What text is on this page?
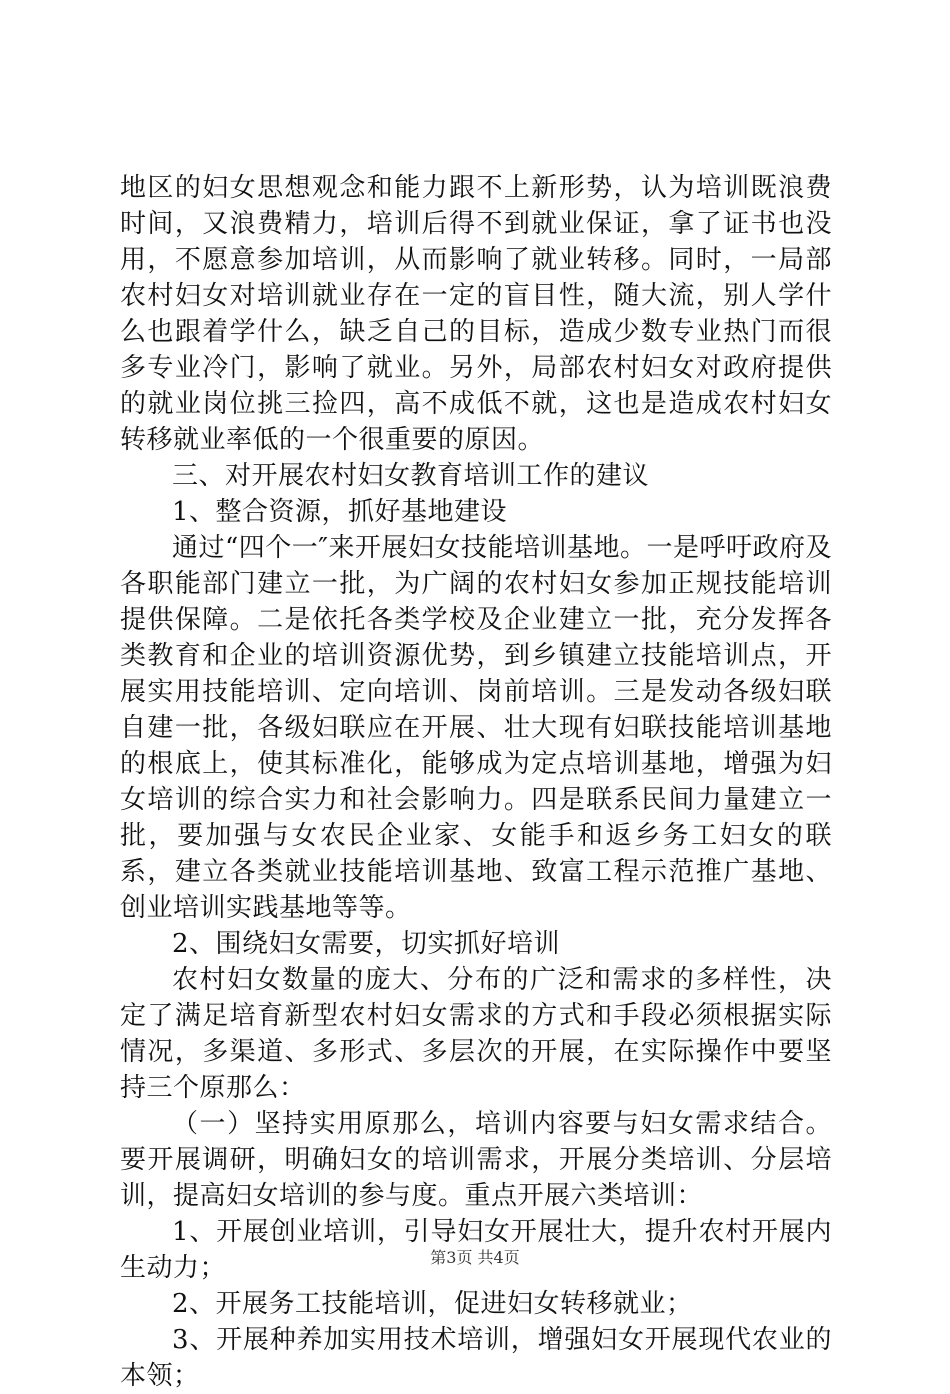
地区的妇女思想观念和能力跟不上新形势，认为培训既浪费时间，又浪费精力，培训后得不到就业保证，拿了证书也没用，不愿意参加培训，从而影响了就业转移。同时，一局部农村妇女对培训就业存在一定的盲目性，随大流，别人学什么也跟着学什么，缺乏自己的目标，造成少数专业热门而很多专业冷门，影响了就业。另外，局部农村妇女对政府提供的就业岗位挑三捡四，高不成低不就，这也是造成农村妇女转移就业率低的一个很重要的原因。

三、对开展农村妇女教育培训工作的建议

1、整合资源，抓好基地建设

通过“四个一″来开展妇女技能培训基地。一是呼吁政府及各职能部门建立一批，为广阔的农村妇女参加正规技能培训提供保障。二是依托各类学校及企业建立一批，充分发挥各类教育和企业的培训资源优势，到乡镇建立技能培训点，开展实用技能培训、定向培训、岗前培训。三是发动各级妇联自建一批，各级妇联应在开展、壮大现有妇联技能培训基地的根底上，使其标准化，能够成为定点培训基地，增强为妇女培训的综合实力和社会影响力。四是联系民间力量建立一批，要加强与女农民企业家、女能手和返乡务工妇女的联系，建立各类就业技能培训基地、致富工程示范推广基地、创业培训实践基地等等。

2、围绕妇女需要，切实抓好培训

农村妇女数量的庞大、分布的广泛和需求的多样性，决定了满足培育新型农村妇女需求的方式和手段必须根据实际情况，多渠道、多形式、多层次的开展，在实际操作中要坚持三个原那么：

（一）坚持实用原那么，培训内容要与妇女需求结合。要开展调研，明确妇女的培训需求，开展分类培训、分层培训，提高妇女培训的参与度。重点开展六类培训：

1、开展创业培训，引导妇女开展壮大，提升农村开展内生动力；

2、开展务工技能培训，促进妇女转移就业；

3、开展种养加实用技术培训，增强妇女开展现代农业的本领；

第3页 共4页
